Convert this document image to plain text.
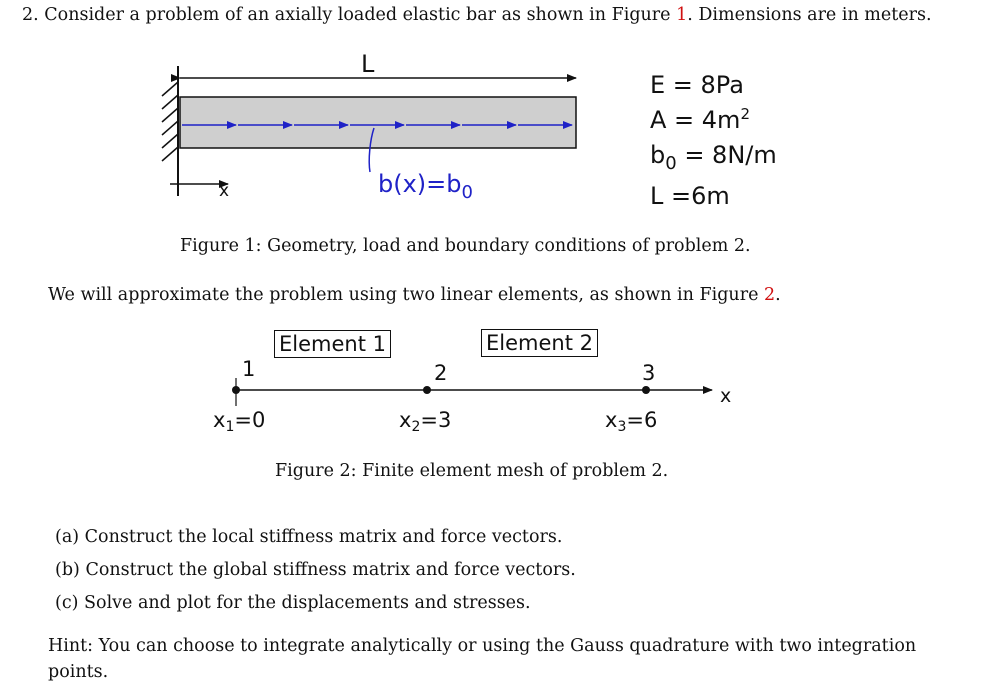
2. Consider a problem of an axially loaded elastic bar as shown in Figure 1. Dimensions are in meters.
L
x	$b(x)=b_0$
E = 8Pa
$A = 4m^2$
$b_0 = 8N/m$
L =6m
Figure 1: Geometry, load and boundary conditions of problem 2.
We will approximate the problem using two linear elements, as shown in Figure 2.
Element 1	Element 2
1	2	3
x
x1=0	x2=3	x3=6
Figure 2: Finite element mesh of problem 2.
(a) Construct the local stiffness matrix and force vectors.
(b) Construct the global stiffness matrix and force vectors.
(c) Solve and plot for the displacements and stresses.
Hint: You can choose to integrate analytically or using the Gauss quadrature with two integration
points.
